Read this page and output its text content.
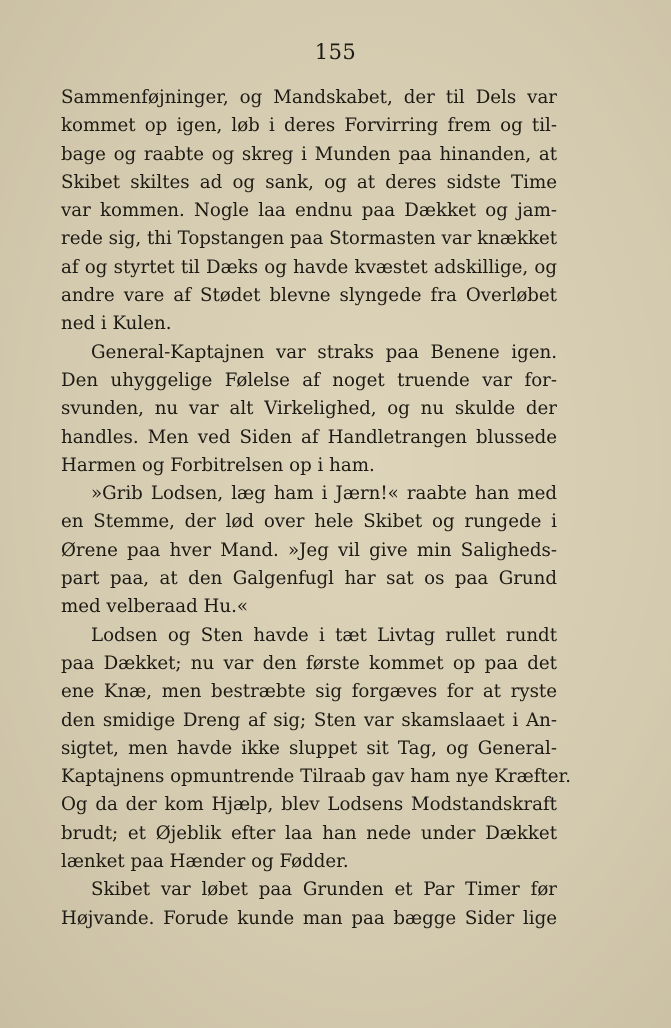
155
Sammenføjninger, og Mandskabet, der til Dels var
kommet op igen, løb i deres Forvirring frem og til-
bage og raabte og skreg i Munden paa hinanden, at
Skibet skiltes ad og sank, og at deres sidste Time
var kommen. Nogle laa endnu paa Dækket og jam-
rede sig, thi Topstangen paa Stormasten var knækket
af og styrtet til Dæks og havde kvæstet adskillige, og
andre vare af Stødet blevne slyngede fra Overløbet
ned i Kulen.
General-Kaptajnen var straks paa Benene igen.
Den uhyggelige Følelse af noget truende var for-
svunden, nu var alt Virkelighed, og nu skulde der
handles. Men ved Siden af Handletrangen blussede
Harmen og Forbitrelsen op i ham.
»Grib Lodsen, læg ham i Jærn!« raabte han med
en Stemme, der lød over hele Skibet og rungede i
Ørene paa hver Mand. »Jeg vil give min Saligheds-
part paa, at den Galgenfugl har sat os paa Grund
med velberaad Hu.«
Lodsen og Sten havde i tæt Livtag rullet rundt
paa Dækket; nu var den første kommet op paa det
ene Knæ, men bestræbte sig forgæves for at ryste
den smidige Dreng af sig; Sten var skamslaaet i An-
sigtet, men havde ikke sluppet sit Tag, og General-
Kaptajnens opmuntrende Tilraab gav ham nye Kræfter.
Og da der kom Hjælp, blev Lodsens Modstandskraft
brudt; et Øjeblik efter laa han nede under Dækket
lænket paa Hænder og Fødder.
Skibet var løbet paa Grunden et Par Timer før
Højvande. Forude kunde man paa bægge Sider lige
